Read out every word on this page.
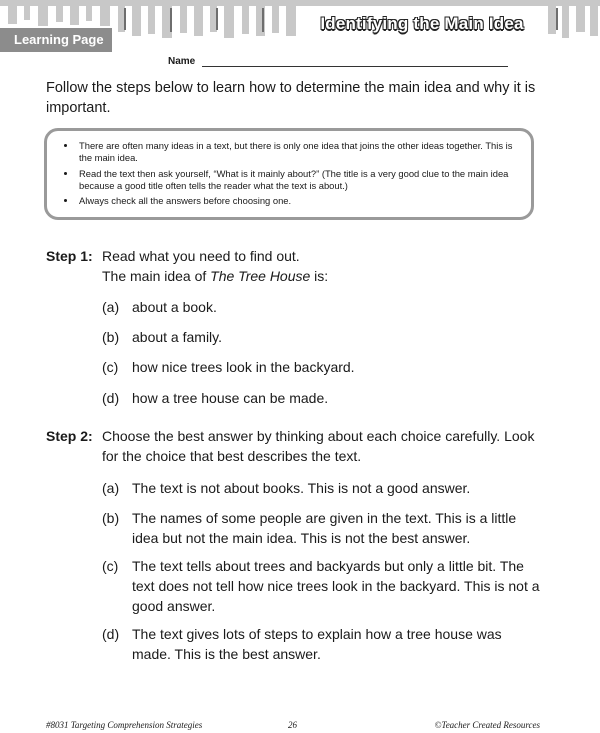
Learning Page
Identifying the Main Idea
Name
Follow the steps below to learn how to determine the main idea and why it is important.
• There are often many ideas in a text, but there is only one idea that joins the other ideas together. This is the main idea.
• Read the text then ask yourself, “What is it mainly about?” (The title is a very good clue to the main idea because a good title often tells the reader what the text is about.)
• Always check all the answers before choosing one.
Step 1: Read what you need to find out.
The main idea of The Tree House is:
(a) about a book.
(b) about a family.
(c) how nice trees look in the backyard.
(d) how a tree house can be made.
Step 2: Choose the best answer by thinking about each choice carefully. Look for the choice that best describes the text.
(a) The text is not about books. This is not a good answer.
(b) The names of some people are given in the text. This is a little idea but not the main idea. This is not the best answer.
(c) The text tells about trees and backyards but only a little bit. The text does not tell how nice trees look in the backyard. This is not a good answer.
(d) The text gives lots of steps to explain how a tree house was made. This is the best answer.
#8031 Targeting Comprehension Strategies	26	©Teacher Created Resources
